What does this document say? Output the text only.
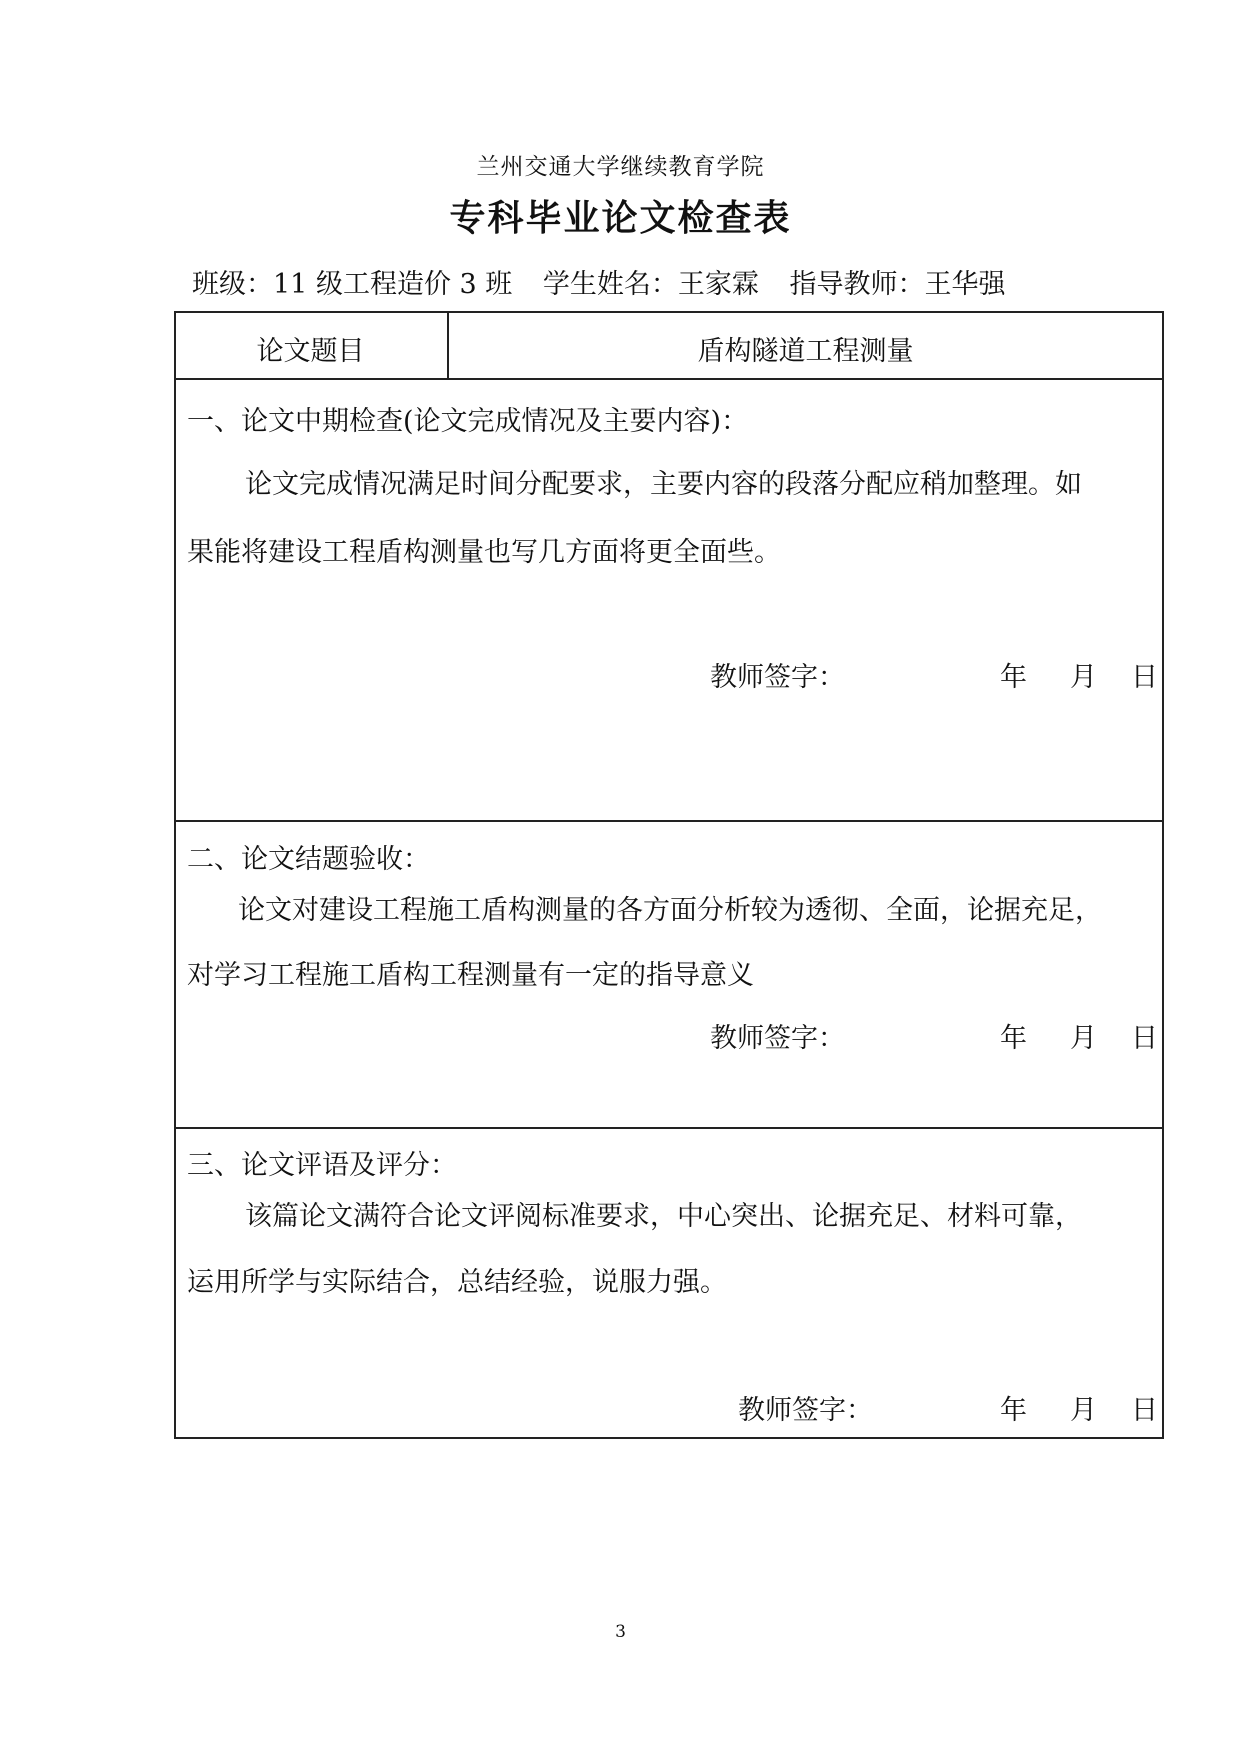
兰州交通大学继续教育学院
专科毕业论文检查表
班级：11 级工程造价 3 班 学生姓名：王家霖 指导教师：王华强
论文题目	盾构隧道工程测量
一、论文中期检查(论文完成情况及主要内容)：
论文完成情况满足时间分配要求，主要内容的段落分配应稍加整理。如
果能将建设工程盾构测量也写几方面将更全面些。
教师签字：	年 月 日
二、论文结题验收：
论文对建设工程施工盾构测量的各方面分析较为透彻、全面，论据充足，
对学习工程施工盾构工程测量有一定的指导意义
教师签字：	年 月 日
三、论文评语及评分：
该篇论文满符合论文评阅标准要求，中心突出、论据充足、材料可靠，
运用所学与实际结合，总结经验，说服力强。
教师签字：	年 月 日
3
